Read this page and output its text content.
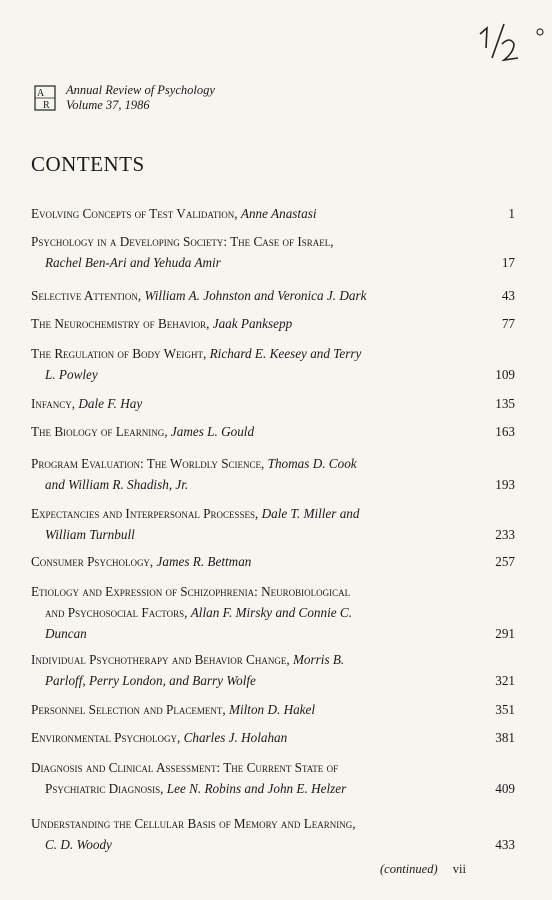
A
R
Annual Review of Psychology
Volume 37, 1986
CONTENTS
Evolving Concepts of Test Validation, Anne Anastasi	1
Psychology in a Developing Society: The Case of Israel,
Rachel Ben-Ari and Yehuda Amir	17
Selective Attention, William A. Johnston and Veronica J. Dark	43
The Neurochemistry of Behavior, Jaak Panksepp	77
The Regulation of Body Weight, Richard E. Keesey and Terry
L. Powley	109
Infancy, Dale F. Hay	135
The Biology of Learning, James L. Gould	163
Program Evaluation: The Worldly Science, Thomas D. Cook
and William R. Shadish, Jr.	193
Expectancies and Interpersonal Processes, Dale T. Miller and
William Turnbull	233
Consumer Psychology, James R. Bettman	257
Etiology and Expression of Schizophrenia: Neurobiological
and Psychosocial Factors, Allan F. Mirsky and Connie C.
Duncan	291
Individual Psychotherapy and Behavior Change, Morris B.
Parloff, Perry London, and Barry Wolfe	321
Personnel Selection and Placement, Milton D. Hakel	351
Environmental Psychology, Charles J. Holahan	381
Diagnosis and Clinical Assessment: The Current State of
Psychiatric Diagnosis, Lee N. Robins and John E. Helzer	409
Understanding the Cellular Basis of Memory and Learning,
C. D. Woody	433
(continued) vii
